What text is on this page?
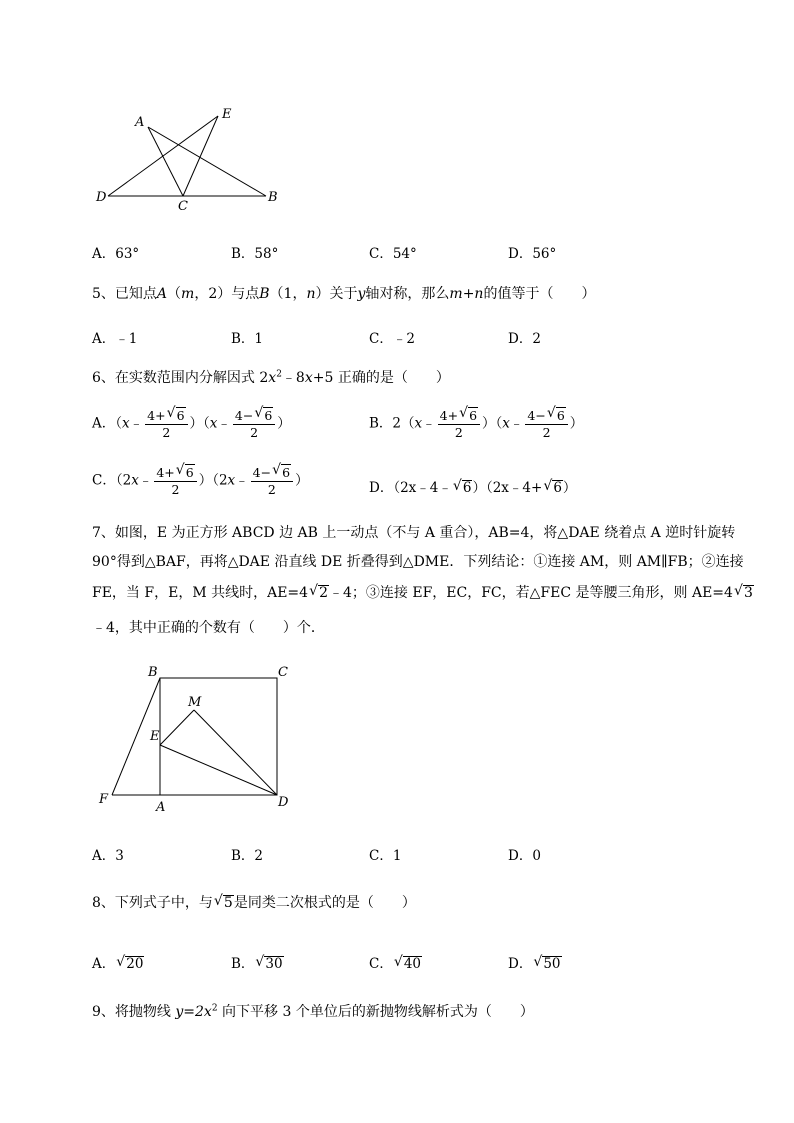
A
E
D
C
B
A．63°	B．58°	C．54°	D．56°
5、已知点A（m，2）与点B（1，n）关于y轴对称，那么m+n的值等于（　　）
A．﹣1	B．1	C．﹣2	D．2
6、在实数范围内分解因式 $2x^2﹣8x+5$ 正确的是（　　）
A．（x﹣ $\frac{4+ √ 6}{2}$ ）（x﹣ $\frac{4- √ 6}{2}$ ）	B．2（x﹣ $\frac{4+ √ 6}{2}$ ）（x﹣ $\frac{4- √ 6}{2}$ ）
C．（2x﹣ $\frac{4+ √ 6}{2}$ ）（2x﹣ $\frac{4- √ 6}{2}$ ）	D．（2x﹣4﹣ √ 6）（2x﹣4+ √ 6）
7、如图，E 为正方形 ABCD 边 AB 上一动点（不与 A 重合），AB=4，将△DAE 绕着点 A 逆时针旋转
90°得到△BAF，再将△DAE 沿直线 DE 折叠得到△DME．下列结论：①连接 AM，则 AM∥FB；②连接
FE，当 F，E，M 共线时，AE=4 √ 2﹣4；③连接 EF，EC，FC，若△FEC 是等腰三角形，则 AE=4 √ 3
﹣4，其中正确的个数有（　　）个．
B	C
M
E
F
A	D
A．3	B．2	C．1	D．0
8、下列式子中，与 √ 5是同类二次根式的是（　　）
A． √ 20	B． √ 30	C． √ 40	D． √ 50
9、将抛物线 $y=2x^2$ 向下平移 3 个单位后的新抛物线解析式为（　　）
